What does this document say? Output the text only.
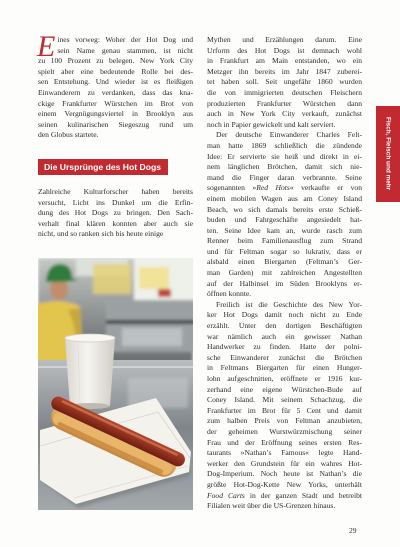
E ines vorweg: Woher der Hot Dog und
sein Name genau stammen, ist nicht
zu 100 Prozent zu belegen. New York City
spielt aber eine bedeutende Rolle bei des-
sen Entstehung. Und wieder ist es fleißigen
Einwanderern zu verdanken, dass das kna-
ckige Frankfurter Würstchen im Brot von
einem Vergnügungsviertel in Brooklyn aus
seinen kulinarischen Siegeszug rund um
den Globus startete.
Die Ursprünge des Hot Dogs
Zahlreiche Kulturforscher haben bereits
versucht, Licht ins Dunkel um die Erfin-
dung des Hot Dogs zu bringen. Den Sach-
verhalt final klären konnten aber auch sie
nicht, und so ranken sich bis heute einige
Mythen und Erzählungen darum. Eine
Urform des Hot Dogs ist demnach wohl
in Frankfurt am Main entstanden, wo ein
Metzger ihn bereits im Jahr 1847 zuberei-
tet haben soll. Seit ungefähr 1860 wurden
die von immigrierten deutschen Fleischern
produzierten Frankfurter Würstchen dann
auch in New York City verkauft, zunächst
noch in Papier gewickelt und kalt serviert.
Der deutsche Einwanderer Charles Felt-
man hatte 1869 schließlich die zündende
Idee: Er servierte sie heiß und direkt in ei-
nem länglichen Brötchen, damit sich nie-
mand die Finger daran verbrannte. Seine
sogenannten »Red Hots« verkaufte er von
einem mobilen Wagen aus am Coney Island
Beach, wo sich damals bereits erste Schieß-
buden und Fahrgeschäfte angesiedelt hat-
ten. Seine Idee kam an, wurde rasch zum
Renner beim Familienausflug zum Strand
und für Feltman sogar so lukrativ, dass er
alsbald einen Biergarten (Feltman’s Ger-
man Garden) mit zahlreichen Angestellten
auf der Halbinsel im Süden Brooklyns er-
öffnen konnte.
Freilich ist die Geschichte des New Yor-
ker Hot Dogs damit noch nicht zu Ende
erzählt. Unter den dortigen Beschäftigten
war nämlich auch ein gewisser Nathan
Handwerker zu finden. Hatte der polni-
sche Einwanderer zunächst die Brötchen
in Feltmans Biergarten für einen Hunger-
lohn aufgeschnitten, eröffnete er 1916 kur-
zerhand eine eigene Würstchen-Bude auf
Coney Island. Mit seinem Schachzug, die
Frankfurter im Brot für 5 Cent und damit
zum halben Preis von Feltman anzubieten,
der geheimen Wurstwürzmischung seiner
Frau und der Eröffnung seines ersten Res-
taurants »Nathan’s Famous« legte Hand-
werker den Grundstein für ein wahres Hot-
Dog-Imperium. Noch heute ist Nathan’s die
größte Hot-Dog-Kette New Yorks, unterhält
Food Carts in der ganzen Stadt und betreibt
Filialen weit über die US-Grenzen hinaus.
Fisch, Fleisch und mehr
29
